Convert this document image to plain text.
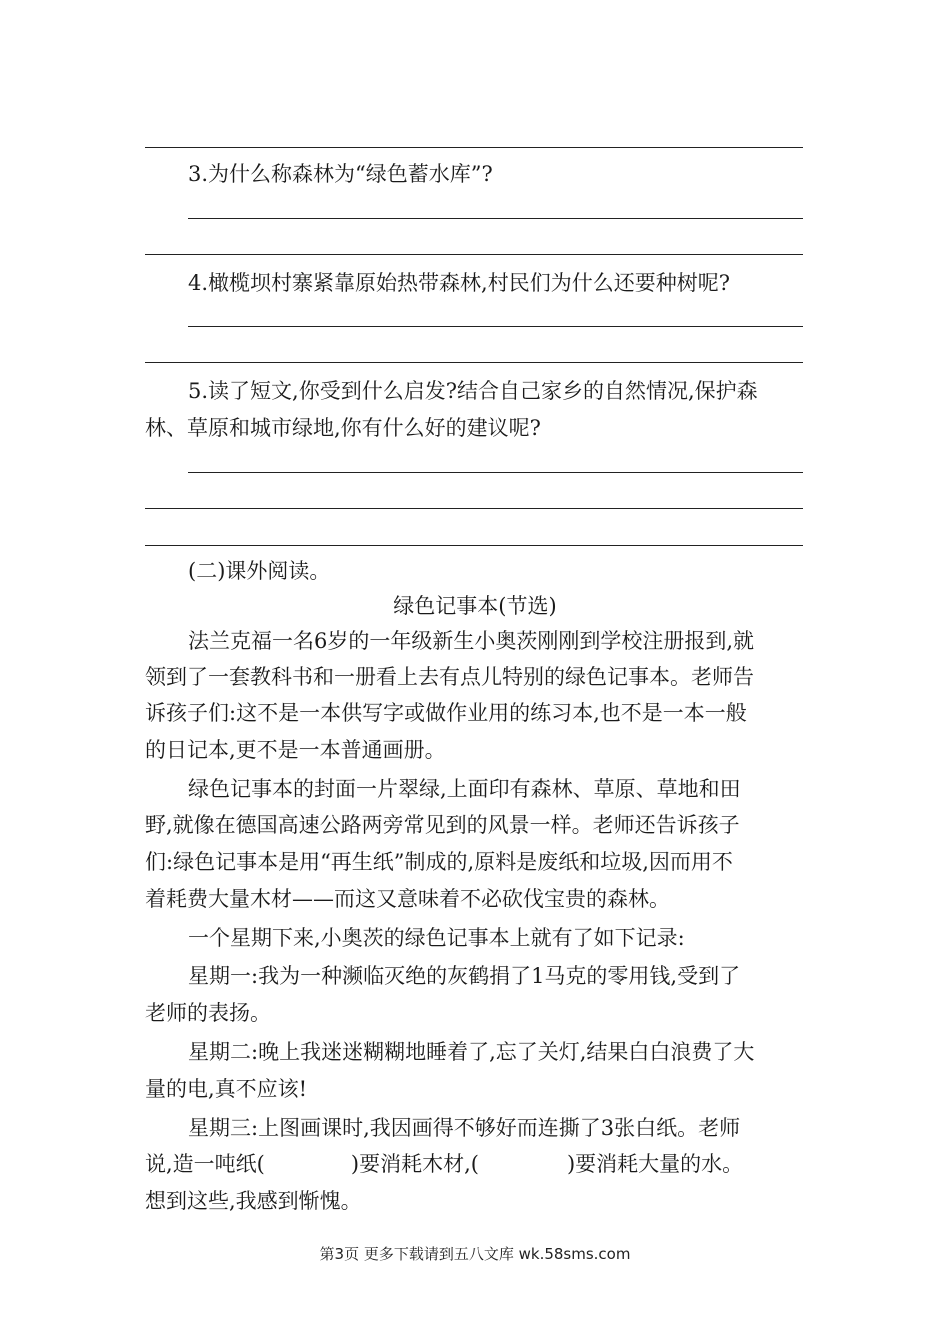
3.为什么称森林为“绿色蓄水库”?
4.橄榄坝村寨紧靠原始热带森林,村民们为什么还要种树呢?
5.读了短文,你受到什么启发?结合自己家乡的自然情况,保护森
林、草原和城市绿地,你有什么好的建议呢?
(二)课外阅读。
绿色记事本(节选)
法兰克福一名6岁的一年级新生小奥茨刚刚到学校注册报到,就
领到了一套教科书和一册看上去有点儿特别的绿色记事本。老师告
诉孩子们:这不是一本供写字或做作业用的练习本,也不是一本一般
的日记本,更不是一本普通画册。
绿色记事本的封面一片翠绿,上面印有森林、草原、草地和田
野,就像在德国高速公路两旁常见到的风景一样。老师还告诉孩子
们:绿色记事本是用“再生纸”制成的,原料是废纸和垃圾,因而用不
着耗费大量木材——而这又意味着不必砍伐宝贵的森林。
一个星期下来,小奥茨的绿色记事本上就有了如下记录:
星期一:我为一种濒临灭绝的灰鹤捐了1马克的零用钱,受到了
老师的表扬。
星期二:晚上我迷迷糊糊地睡着了,忘了关灯,结果白白浪费了大
量的电,真不应该!
星期三:上图画课时,我因画得不够好而连撕了3张白纸。老师
说,造一吨纸(	)要消耗木材,(	)要消耗大量的水。
想到这些,我感到惭愧。
第3页 更多下载请到五八文库 wk.58sms.com
